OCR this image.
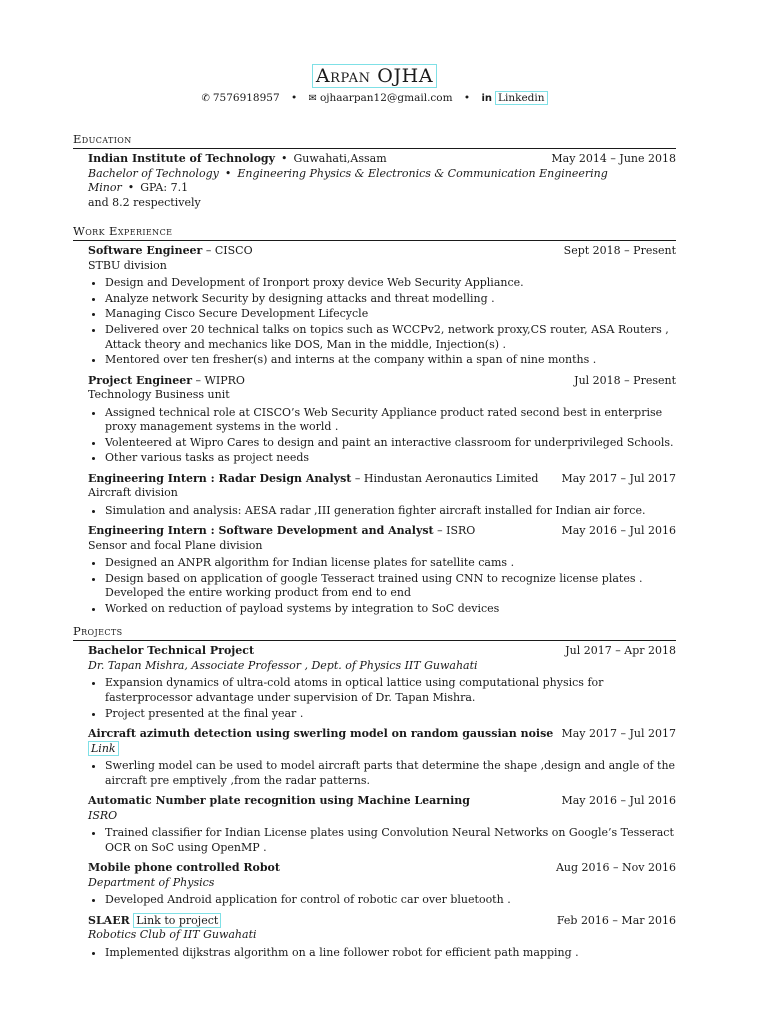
Arpan OJHA
✆ 7576918957 • ✉ ojhaarpan12@gmail.com • in Linkedin
Education
Indian Institute of Technology • Guwahati,Assam	May 2014 – June 2018
Bachelor of Technology • Engineering Physics & Electronics & Communication Engineering Minor • GPA: 7.1
and 8.2 respectively
Work Experience
Software Engineer – CISCO	Sept 2018 – Present
STBU division
• Design and Development of Ironport proxy device Web Security Appliance.
• Analyze network Security by designing attacks and threat modelling .
• Managing Cisco Secure Development Lifecycle
• Delivered over 20 technical talks on topics such as WCCPv2, network proxy,CS router, ASA Routers , Attack theory and mechanics like DOS, Man in the middle, Injection(s) .
• Mentored over ten fresher(s) and interns at the company within a span of nine months .
Project Engineer – WIPRO	Jul 2018 – Present
Technology Business unit
• Assigned technical role at CISCO’s Web Security Appliance product rated second best in enterprise proxy management systems in the world .
• Volenteered at Wipro Cares to design and paint an interactive classroom for underprivileged Schools.
• Other various tasks as project needs
Engineering Intern : Radar Design Analyst – Hindustan Aeronautics Limited May 2017 – Jul 2017
Aircraft division
• Simulation and analysis: AESA radar ,III generation fighter aircraft installed for Indian air force.
Engineering Intern : Software Development and Analyst – ISRO	May 2016 – Jul 2016
Sensor and focal Plane division
• Designed an ANPR algorithm for Indian license plates for satellite cams .
• Design based on application of google Tesseract trained using CNN to recognize license plates . Developed the entire working product from end to end
• Worked on reduction of payload systems by integration to SoC devices
Projects
Bachelor Technical Project	Jul 2017 – Apr 2018
Dr. Tapan Mishra, Associate Professor , Dept. of Physics IIT Guwahati
• Expansion dynamics of ultra-cold atoms in optical lattice using computational physics for fasterprocessor advantage under supervision of Dr. Tapan Mishra.
• Project presented at the final year .
Aircraft azimuth detection using swerling model on random gaussian noise May 2017 – Jul 2017
Link
• Swerling model can be used to model aircraft parts that determine the shape ,design and angle of the aircraft pre emptively ,from the radar patterns.
Automatic Number plate recognition using Machine Learning	May 2016 – Jul 2016
ISRO
• Trained classifier for Indian License plates using Convolution Neural Networks on Google’s Tesseract OCR on SoC using OpenMP .
Mobile phone controlled Robot	Aug 2016 – Nov 2016
Department of Physics
• Developed Android application for control of robotic car over bluetooth .
SLAER Link to project	Feb 2016 – Mar 2016
Robotics Club of IIT Guwahati
• Implemented dijkstras algorithm on a line follower robot for efficient path mapping .
